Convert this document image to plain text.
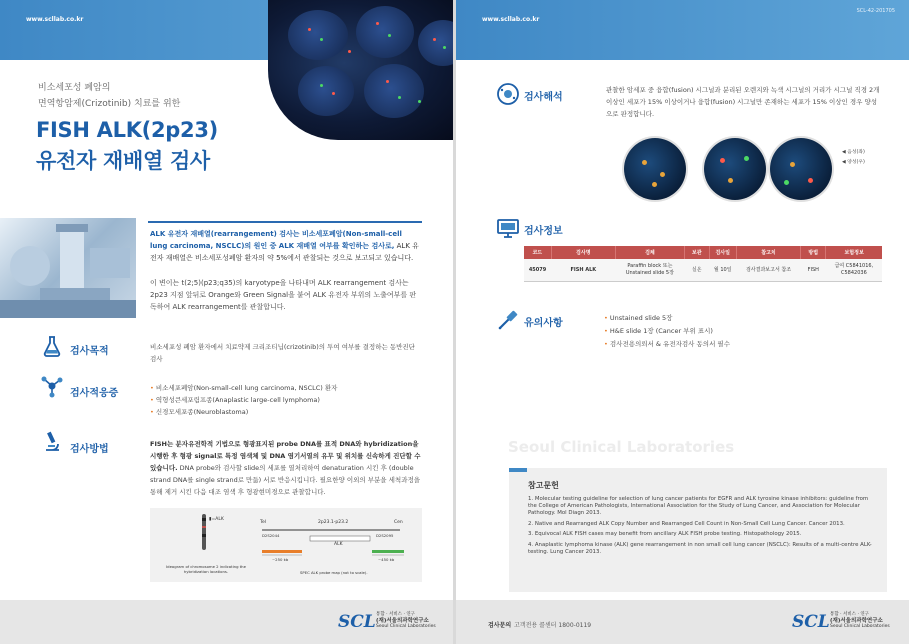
www.scllab.co.kr
비소세포성 폐암의
면역항암제(Crizotinib) 치료를 위한
FISH ALK(2p23)
유전자 재배열 검사
ALK 유전자 재배열(rearrangement) 검사는 비소세포폐암(Non-small-cell lung carcinoma, NSCLC)의 원인 중 ALK 재배열 여부를 확인하는 검사로, ALK 유전자 재배열은 비소세포성폐암 환자의 약 5%에서 관찰되는 것으로 보고되고 있습니다.
이 변이는 t(2;5)(p23;q35)의 karyotype을 나타내며 ALK rearrangement 검사는 2p23 지점 앞뒤로 Orange와 Green Signal을 붙여 ALK 유전자 부위의 노출여부를 판독하여 ALK rearrangement를 관찰합니다.
검사목적	비소세포성 폐암 환자에서 치료약제 크리조티닙(crizotinib)의 투여 여부를 결정하는 동반진단 검사
검사적응증	• 비소세포폐암(Non-small-cell lung carcinoma, NSCLC) 환자
• 역형성큰세포림프종(Anaplastic large-cell lymphoma)
• 신경모세포종(Neuroblastoma)
검사방법	FISH는 분자유전학적 기법으로 형광표지된 probe DNA를 표적 DNA와 hybridization을 시행한 후 형광 signal로 특정 염색체 및 DNA 염기서열의 유무 및 위치를 신속하게 진단할 수 있습니다. DNA probe와 검사할 slide의 세포를 열처리하여 denaturation 시킨 후 (double strand DNA를 single strand로 만듦) 서로 반응시킵니다. 필요한양 이외의 부분을 세척과정을 통해 제거 시킨 다음 대조 염색 후 형광현미경으로 관찰합니다.
▮=ALK
Ideogram of chromosome 2 indicating the hybridization locations.
Tel	Cen
2p23.1-p23.2
D2S2044	D2S2095
ALK
~250 kb	~450 kb
SPEC ALK probe map (not to scale).
SCL 통합 · 서비스 · 연구
(재)서울의과학연구소
Seoul Clinical Laboratories
www.scllab.co.kr
SCL-42-201705
검사해석
관찰한 암세포 중 융합(fusion) 시그널과 분리된 오렌지와 녹색 시그널의 거리가 시그널 직경 2개 이상인 세포가 15% 이상이거나 융합(fusion) 시그널만 존재하는 세포가 15% 이상인 경우 양성으로 판정합니다.
◀ 음성(좌)
◀ 양성(우)
검사정보
코드	검사명	검체	보관	검사일	참고치	방법	보험정보
45079	FISH ALK	Paraffin block 또는 Unstained slide 5장	실온	월 10일	검사결과보고서 참조	FISH	급여 C5841016, C5842036
유의사항	• Unstained slide 5장
• H&E slide 1장 (Cancer 부위 표시)
• 검사전용의뢰서 & 유전자검사 동의서 필수
Seoul Clinical Laboratories
참고문헌
1. Molecular testing guideline for selection of lung cancer patients for EGFR and ALK tyrosine kinase inhibitors: guideline from the College of American Pathologists, International Association for the Study of Lung Cancer, and Association for Molecular Pathology. Mol Diagn 2013.
2. Native and Rearranged ALK Copy Number and Rearranged Cell Count in Non-Small Cell Lung Cancer. Cancer 2013.
3. Equivocal ALK FISH cases may benefit from ancillary ALK FISH probe testing. Histopathology 2015.
4. Anaplastic lymphoma kinase (ALK) gene rearrangement in non small cell lung cancer (NSCLC): Results of a multi-centre ALK-testing. Lung Cancer 2013.
검사문의 고객전용 콜센터 1800-0119	SCL 통합 · 서비스 · 연구
(재)서울의과학연구소
Seoul Clinical Laboratories
